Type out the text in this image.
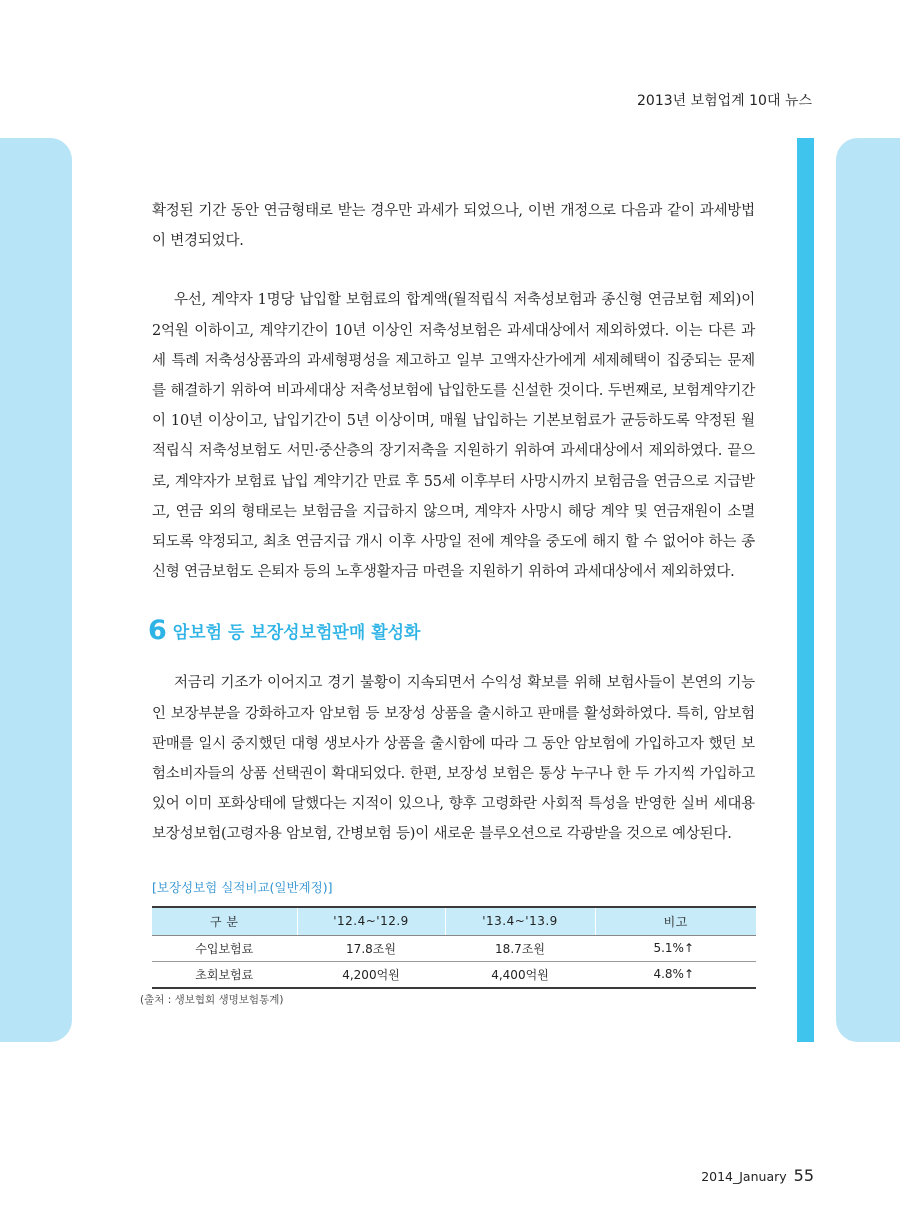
2013년 보험업계 10대 뉴스

확정된 기간 동안 연금형태로 받는 경우만 과세가 되었으나, 이번 개정으로 다음과 같이 과세방법이 변경되었다.

우선, 계약자 1명당 납입할 보험료의 합계액(월적립식 저축성보험과 종신형 연금보험 제외)이 2억원 이하이고, 계약기간이 10년 이상인 저축성보험은 과세대상에서 제외하였다. 이는 다른 과세 특례 저축성상품과의 과세형평성을 제고하고 일부 고액자산가에게 세제혜택이 집중되는 문제를 해결하기 위하여 비과세대상 저축성보험에 납입한도를 신설한 것이다. 두번째로, 보험계약기간이 10년 이상이고, 납입기간이 5년 이상이며, 매월 납입하는 기본보험료가 균등하도록 약정된 월적립식 저축성보험도 서민·중산층의 장기저축을 지원하기 위하여 과세대상에서 제외하였다. 끝으로, 계약자가 보험료 납입 계약기간 만료 후 55세 이후부터 사망시까지 보험금을 연금으로 지급받고, 연금 외의 형태로는 보험금을 지급하지 않으며, 계약자 사망시 해당 계약 및 연금재원이 소멸되도록 약정되고, 최초 연금지급 개시 이후 사망일 전에 계약을 중도에 해지 할 수 없어야 하는 종신형 연금보험도 은퇴자 등의 노후생활자금 마련을 지원하기 위하여 과세대상에서 제외하였다.

6 암보험 등 보장성보험판매 활성화

저금리 기조가 이어지고 경기 불황이 지속되면서 수익성 확보를 위해 보험사들이 본연의 기능인 보장부분을 강화하고자 암보험 등 보장성 상품을 출시하고 판매를 활성화하였다. 특히, 암보험 판매를 일시 중지했던 대형 생보사가 상품을 출시함에 따라 그 동안 암보험에 가입하고자 했던 보험소비자들의 상품 선택권이 확대되었다. 한편, 보장성 보험은 통상 누구나 한 두 가지씩 가입하고 있어 이미 포화상태에 달했다는 지적이 있으나, 향후 고령화란 사회적 특성을 반영한 실버 세대용 보장성보험(고령자용 암보험, 간병보험 등)이 새로운 블루오션으로 각광받을 것으로 예상된다.

[보장성보험 실적비교(일반계정)]
구 분	'12.4~'12.9	'13.4~'13.9	비고
수입보험료	17.8조원	18.7조원	5.1%↑
초회보험료	4,200억원	4,400억원	4.8%↑
(출처 : 생보협회 생명보험통계)
2014_January 55
